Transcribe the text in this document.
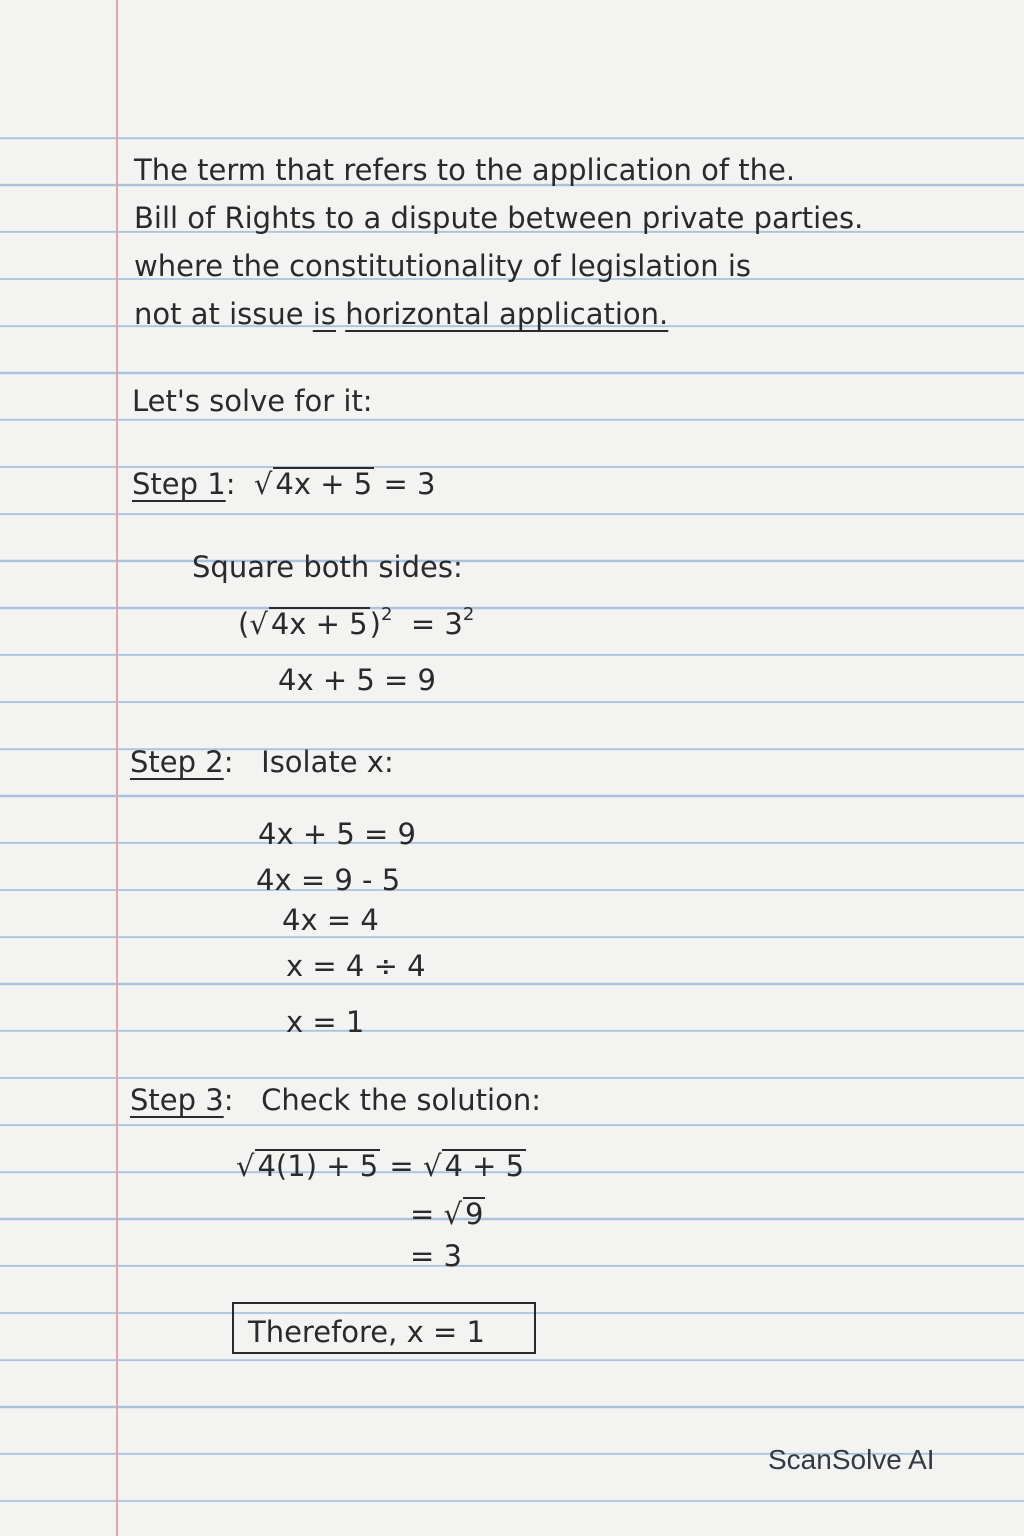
The term that refers to the application of the.
Bill of Rights to a dispute between private parties.
where the constitutionality of legislation is
not at issue is horizontal application.
Let's solve for it:
Step 1: √ 4x + 5 = 3
Square both sides:
(√ $4x + 5)^2 = 3^2$
4x + 5 = 9
Step 2: Isolate x:
4x + 5 = 9
4x = 9 - 5
4x = 4
x = 4 ÷ 4
x = 1
Step 3: Check the solution:
√ 4(1) + 5 = √ 4 + 5
= √ 9
= 3
Therefore, x = 1
ScanSolve AI
